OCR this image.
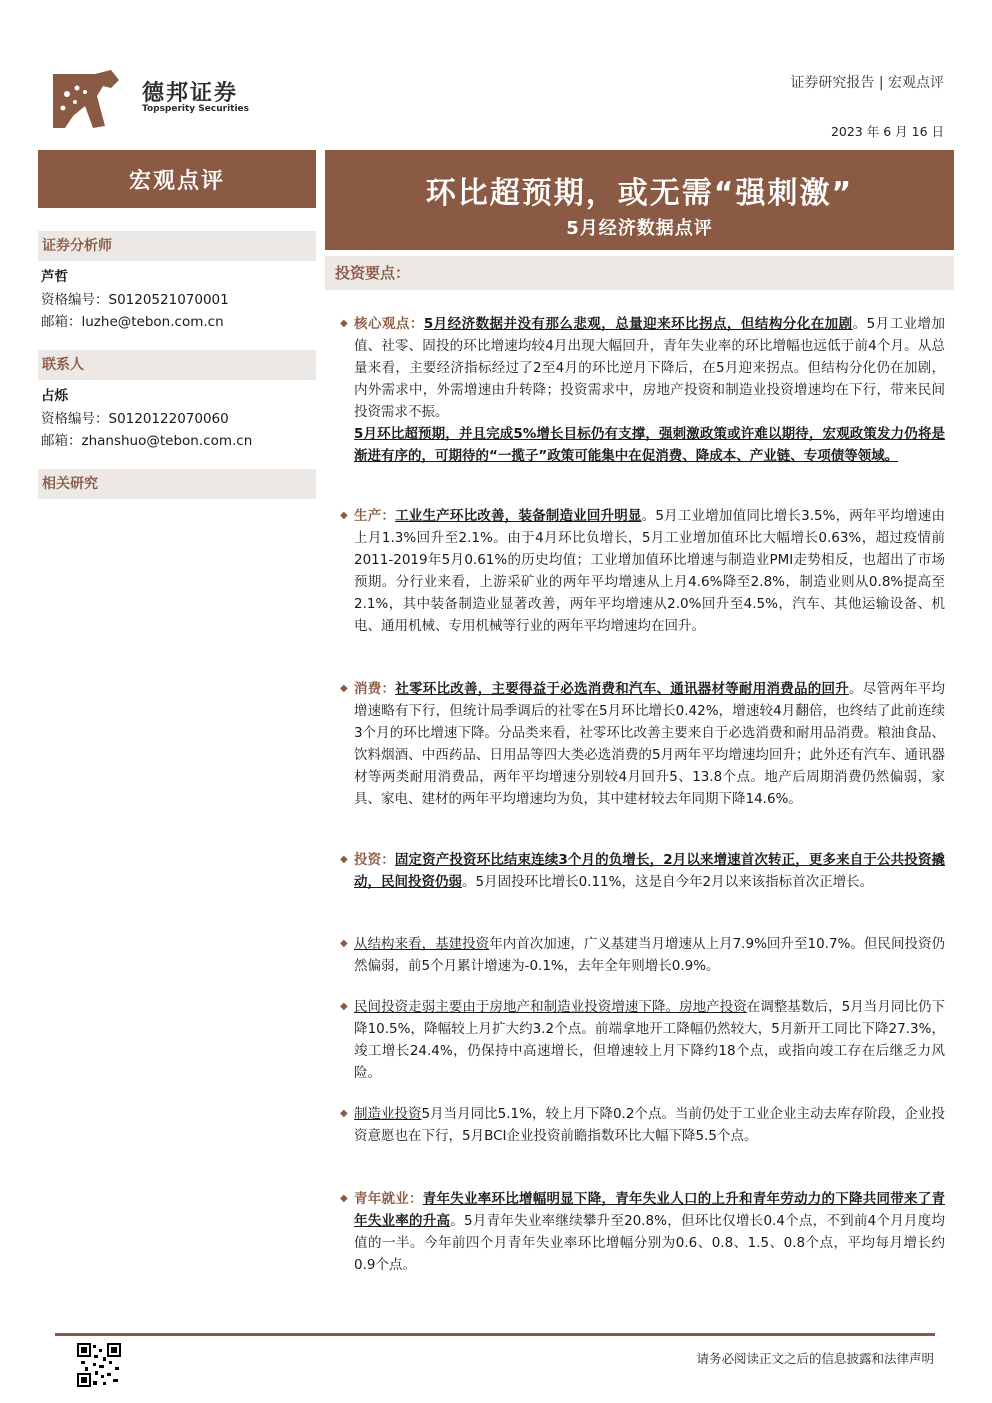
德邦证券
Topsperity Securities
证券研究报告 | 宏观点评
2023 年 6 月 16 日
宏观点评
证券分析师
芦哲
资格编号：S0120521070001
邮箱：luzhe@tebon.com.cn
联系人
占烁
资格编号：S0120122070060
邮箱：zhanshuo@tebon.com.cn
相关研究
环比超预期，或无需“强刺激”
5月经济数据点评
投资要点：
◆ 核心观点：5月经济数据并没有那么悲观，总量迎来环比拐点，但结构分化在加剧。5月工业增加值、社零、固投的环比增速均较4月出现大幅回升，青年失业率的环比增幅也远低于前4个月。从总量来看，主要经济指标经过了2至4月的环比逆月下降后，在5月迎来拐点。但结构分化仍在加剧，内外需求中，外需增速由升转降；投资需求中，房地产投资和制造业投资增速均在下行，带来民间投资需求不振。
5月环比超预期，并且完成5%增长目标仍有支撑，强刺激政策或许难以期待，宏观政策发力仍将是渐进有序的，可期待的“一揽子”政策可能集中在促消费、降成本、产业链、专项债等领域。
◆ 生产：工业生产环比改善，装备制造业回升明显。5月工业增加值同比增长3.5%，两年平均增速由上月1.3%回升至2.1%。由于4月环比负增长，5月工业增加值环比大幅增长0.63%，超过疫情前2011-2019年5月0.61%的历史均值；工业增加值环比增速与制造业PMI走势相反，也超出了市场预期。分行业来看，上游采矿业的两年平均增速从上月4.6%降至2.8%，制造业则从0.8%提高至2.1%，其中装备制造业显著改善，两年平均增速从2.0%回升至4.5%，汽车、其他运输设备、机电、通用机械、专用机械等行业的两年平均增速均在回升。
◆ 消费：社零环比改善，主要得益于必选消费和汽车、通讯器材等耐用消费品的回升。尽管两年平均增速略有下行，但统计局季调后的社零在5月环比增长0.42%，增速较4月翻倍，也终结了此前连续3个月的环比增速下降。分品类来看，社零环比改善主要来自于必选消费和耐用品消费。粮油食品、饮料烟酒、中西药品、日用品等四大类必选消费的5月两年平均增速均回升；此外还有汽车、通讯器材等两类耐用消费品，两年平均增速分别较4月回升5、13.8个点。地产后周期消费仍然偏弱，家具、家电、建材的两年平均增速均为负，其中建材较去年同期下降14.6%。
◆ 投资：固定资产投资环比结束连续3个月的负增长，2月以来增速首次转正，更多来自于公共投资撬动，民间投资仍弱。5月固投环比增长0.11%，这是自今年2月以来该指标首次正增长。
◆ 从结构来看，基建投资年内首次加速，广义基建当月增速从上月7.9%回升至10.7%。但民间投资仍然偏弱，前5个月累计增速为-0.1%，去年全年则增长0.9%。
◆ 民间投资走弱主要由于房地产和制造业投资增速下降。房地产投资在调整基数后，5月当月同比仍下降10.5%，降幅较上月扩大约3.2个点。前端拿地开工降幅仍然较大，5月新开工同比下降27.3%，竣工增长24.4%，仍保持中高速增长，但增速较上月下降约18个点，或指向竣工存在后继乏力风险。
◆ 制造业投资5月当月同比5.1%，较上月下降0.2个点。当前仍处于工业企业主动去库存阶段，企业投资意愿也在下行，5月BCI企业投资前瞻指数环比大幅下降5.5个点。
◆ 青年就业：青年失业率环比增幅明显下降，青年失业人口的上升和青年劳动力的下降共同带来了青年失业率的升高。5月青年失业率继续攀升至20.8%，但环比仅增长0.4个点，不到前4个月月度均值的一半。今年前四个月青年失业率环比增幅分别为0.6、0.8、1.5、0.8个点，平均每月增长约0.9个点。
请务必阅读正文之后的信息披露和法律声明
